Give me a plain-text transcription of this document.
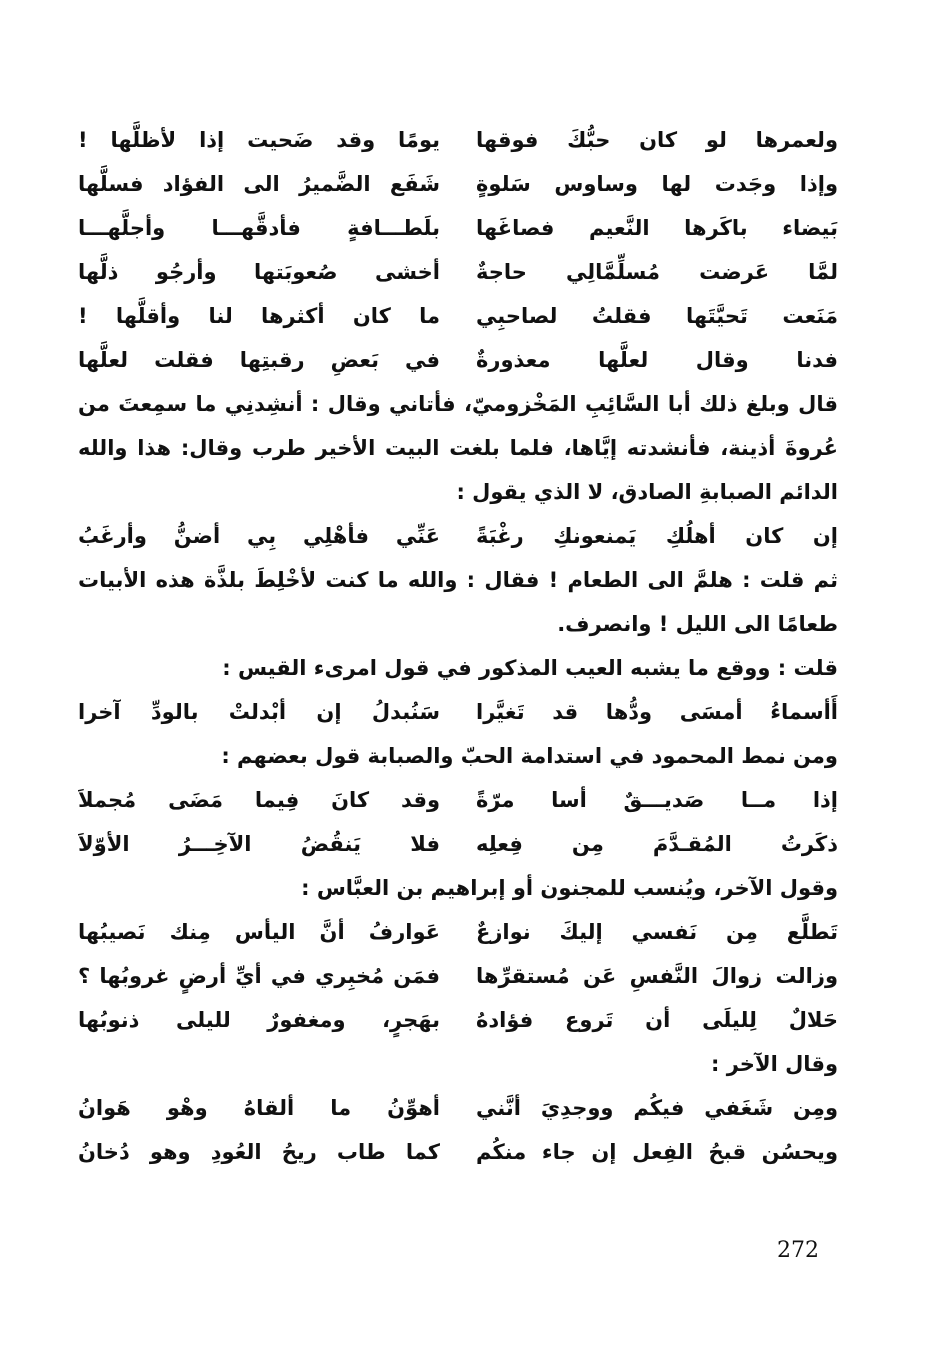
ولعمرها لو كان حبُّكَ فوقها
يومًا وقد ضَحيت إذا لأظلَّها !
وإذا وجَدت لها وساوس سَلوةٍ
شَفَع الضَّميرُ الى الفؤاد فسلَّها
بَيضاء باكَرها النَّعيم فصاغَها
بلَطـــافةٍ فأدقَّهـــا وأجلَّهـــا
لمَّا عَرضت مُسلِّمَّالِي حاجةٌ
أخشى صُعوبَتها وأرجُو ذلَّها
مَنَعت تَحيَّتَها فقلتُ لصاحبِي
ما كان أكثرها لنا وأقلَّها !
فدنا وقال لعلَّها معذورةٌ
في بَعضِ رقبتِها فقلت لعلَّها

قال وبلغ ذلك أبا السَّائِبِ المَخْزوميّ، فأتاني وقال : أنشِدنِي ما سمِعتَ من عُروةَ أذينة، فأنشدته إيَّاها، فلما بلغت البيت الأخير طرب وقال: هذا والله الدائم الصبابةِ الصادق، لا الذي يقول :

إن كان أهلُكِ يَمنعونكِ رغْبَةً
عَنِّي فأهْلِي بِي أضنُّ وأرغَبُ

ثم قلت : هلمَّ الى الطعام ! فقال : والله ما كنت لأخْلِطَ بلذَّة هذه الأبيات طعامًا الى الليل ! وانصرف.

قلت : ووقع ما يشبه العيب المذكور في قول امرىء القيس :

أَأسماءُ أمسَى ودُّها قد تَغيَّرا
سَنُبدلُ إن أبْدلتْ بالودِّ آخرا

ومن نمط المحمود في استدامة الحبّ والصبابة قول بعضهم :

إذا مــا صَديـــقٌ أسا مرّةً
وقد كانَ فِيما مَضَى مُجملاَ
ذكَرتُ المُقـدَّمَ مِن فِعلِه
فلا يَنقُضُ الآخِـــرُ الأوّلاَ

وقول الآخر، ويُنسب للمجنون أو إبراهيم بن العبَّاس :

تَطلَّع مِن نَفسي إليكَ نوازعٌ
عَوارفُ أنَّ اليأس مِنك نَصيبُها
وزالت زوالَ النَّفسِ عَن مُستقرِّها
فمَن مُخبِري في أيِّ أرضٍ غروبُها ؟
حَلالٌ لِليلَى أن تَروع فؤادهُ
بهَجرٍ، ومغفورٌ لليلى ذنوبُها

وقال الآخر :

ومِن شَغَفي فيكُم ووجدِيَ أنَّني
أهوِّنُ ما ألقاهُ وهْو هَوانُ
ويحسُن قبحُ الفِعل إن جاء منكُم
كما طاب ريحُ العُودِ وهو دُخانُ
272
